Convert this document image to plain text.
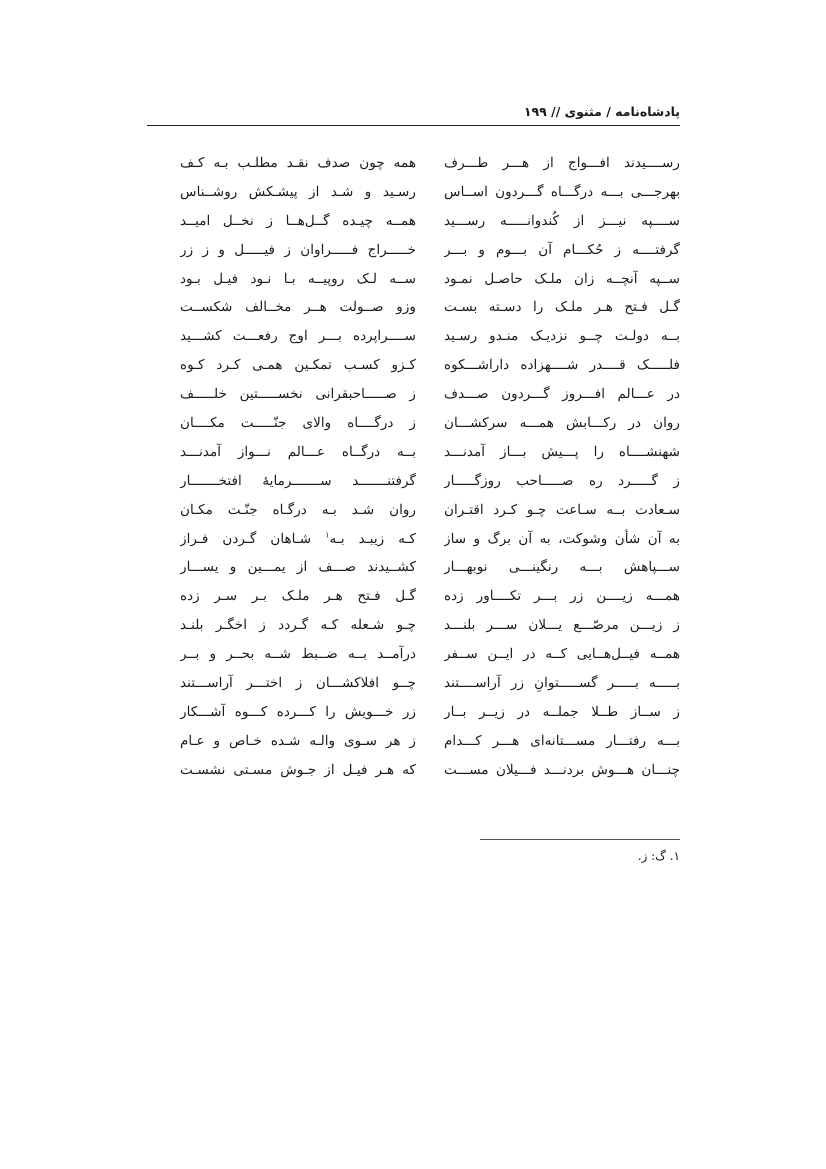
پادشاه‌نامه / مثنوی // ۱۹۹
رســــیدند افـــواج از هـــر طـــرف
همه چون صدف نقـد مطلـب بـه کـف
بهرجـــی بـــه درگـــاه گـــردون اســاس
رسـید و شـد از پیشـکش روشــناس
ســــپه نیـــز از کُندوانـــــه رســـید
همــه چیـده گــل‌هــا ز نخــل امیــد
گرفتــــه ز حُکـــام آن بـــوم و بـــر
خـــــراج فـــــراوان ز فیـــــل و ز زر
ســپه آنچــه زان ملـک حاصـل نمـود
ســه لـک روپیــه بـا نـود فیـل بـود
گـل فـتح هـر ملـک را دسـته بسـت
وزو صــولت هــر مخــالف شکســت
بــه دولـت چــو نزدیـک منـدو رسـید
ســــراپرده بـــر اوج رفعـــت کشـــید
فلـــــک قــــدر شــــهزاده داراشـــکوه
کـزو کسـب تمکـین همـی کـرد کـوه
در عـــالم افـــروز گـــردون صـــدف
ز صـــــاحبقرانی نخســـــتین خلـــــف
روان در رکـــابش همـــه سرکشـــان
ز درگــــاه والای جنّـــــت مکــــان
شهنشــــاه را پـــیش بـــاز آمدنـــد
بــه درگــاه عـــالم نـــواز آمدنـــد
ز گـــــرد ره صـــــاحب روزگـــــار
گرفتنـــــــد ســـــــرمایهٔ افتخـــــــار
سـعادت بــه سـاعت چـو کـرد اقتـران
روان شـد بـه درگـاه جنّـت مکـان
به آن شأن وشوکت، به آن برگ و ساز
کـه زیبـد بـه$^۱$ شـاهان گـردن فـراز
ســـپاهش بـــه رنگینـــی نوبهـــار
کشــیدند صـــف از یمـــین و یســـار
همـــه زیــــن زر بـــر تکــــاور زده
گـل فـتح هـر ملـک بـر سـر زده
ز زیـــن مرصّـــع یـــلان ســـر بلنـــد
چـو شـعله کـه گـردد ز اخگـر بلنـد
همــه فیــل‌هــایی کــه در ایــن ســفر
درآمــد بــه ضــبط شــه بحــر و بــر
بـــــه بـــــر گســـــتوانِ زر آراســــتند
چــو افلاکشـــان ز اختـــر آراســـتند
ز ســاز طــلا جملــه در زیــر بــار
زر خـــویش را کـــرده کـــوه آشـــکار
بـــه رفتـــار مســـتانه‌ای هـــر کـــدام
ز هر سـوی والـه شـده خـاص و عـام
چنـــان هـــوش بردنـــد فـــیلان مســـت
که هـر فیـل از جـوش مسـتی نشسـت
۱. گ: ز.
